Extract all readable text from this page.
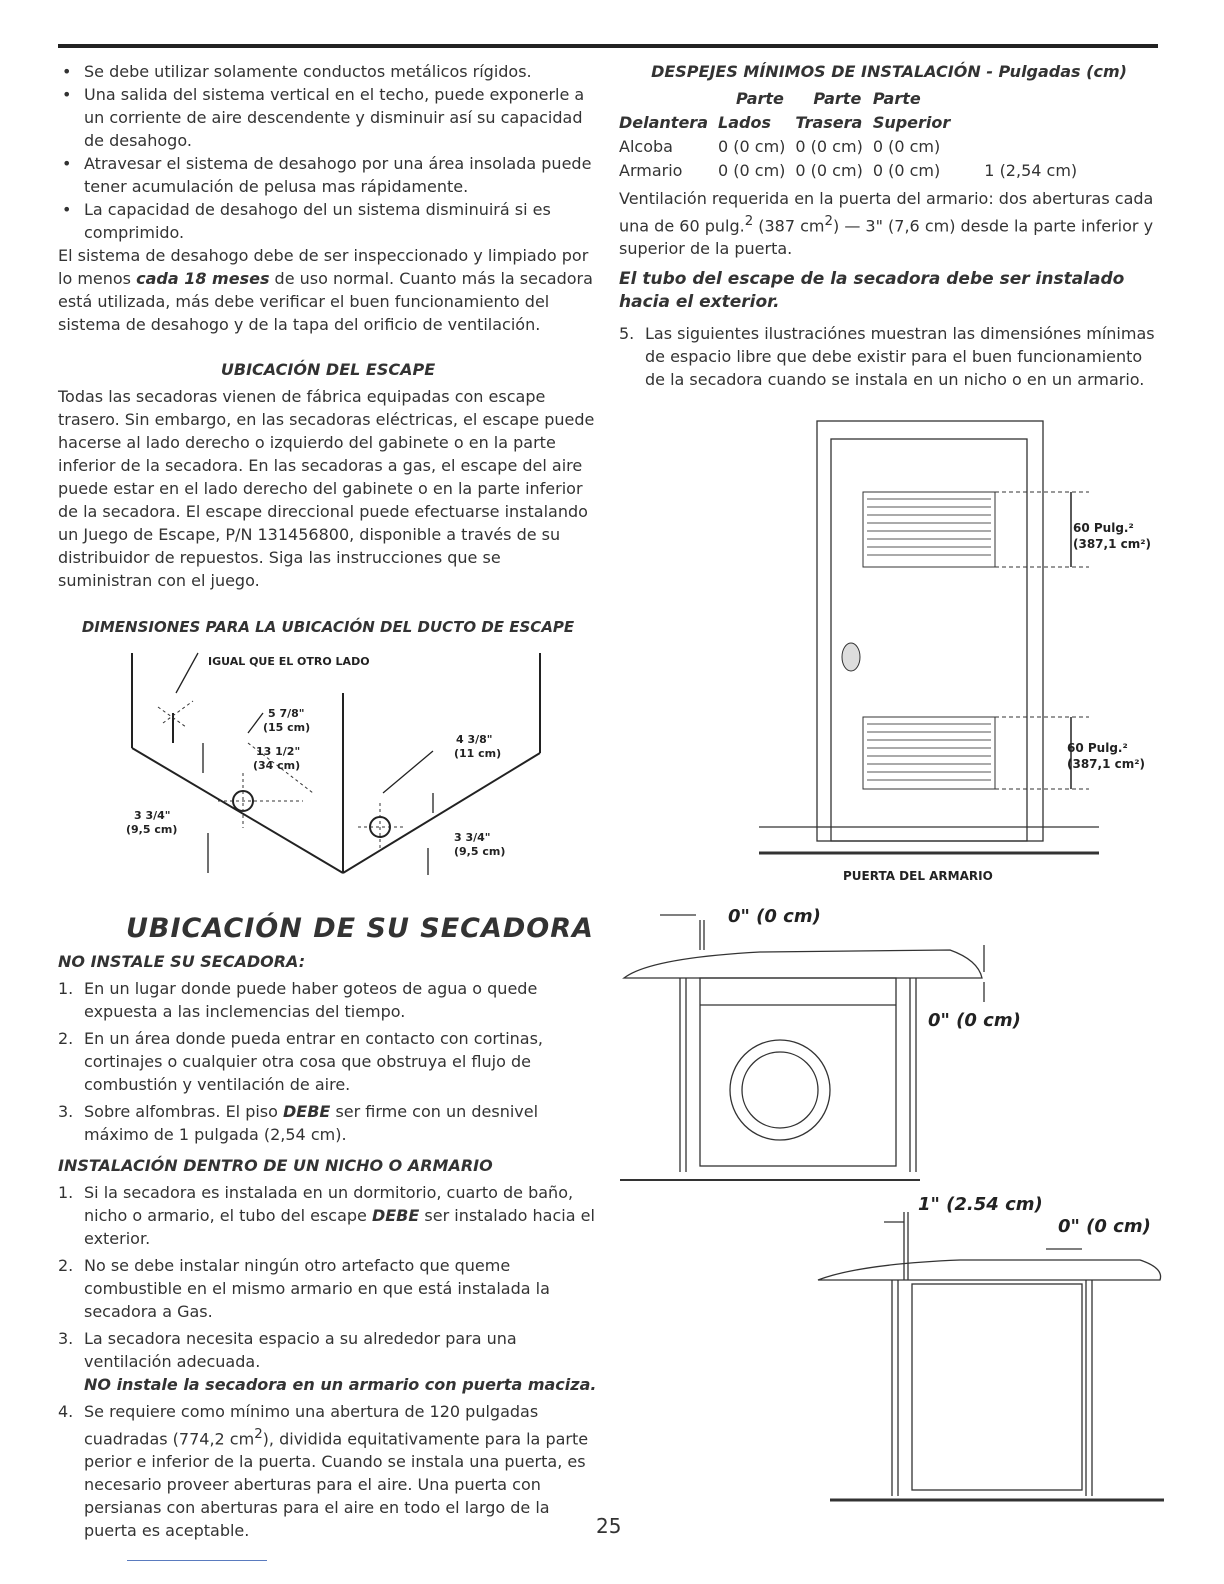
• Se debe utilizar solamente conductos metálicos rígidos.
• Una salida del sistema vertical en el techo, puede exponerle a un corriente de aire descendente y disminuir así su capacidad de desahogo.
• Atravesar el sistema de desahogo por una área insolada puede tener acumulación de pelusa mas rápidamente.
• La capacidad de desahogo del un sistema disminuirá si es comprimido.

El sistema de desahogo debe de ser inspeccionado y limpiado por lo menos cada 18 meses de uso normal. Cuanto más la secadora está utilizada, más debe verificar el buen funcionamiento del sistema de desahogo y de la tapa del orificio de ventilación.

UBICACIÓN DEL ESCAPE

Todas las secadoras vienen de fábrica equipadas con escape trasero. Sin embargo, en las secadoras eléctricas, el escape puede hacerse al lado derecho o izquierdo del gabinete o en la parte inferior de la secadora. En las secadoras a gas, el escape del aire puede estar en el lado derecho del gabinete o en la parte inferior de la secadora. El escape direccional puede efectuarse instalando un Juego de Escape, P/N 131456800, disponible a través de su distribuidor de repuestos. Siga las instrucciones que se suministran con el juego.

DIMENSIONES PARA LA UBICACIÓN DEL DUCTO DE ESCAPE
IGUAL QUE EL OTRO LADO
5 7/8"
(15 cm)
13 1/2"
(34 cm)
4 3/8"
(11 cm)
3 3/4"
(9,5 cm)
3 3/4"
(9,5 cm)
UBICACIÓN DE SU SECADORA
NO INSTALE SU SECADORA:
1. En un lugar donde puede haber goteos de agua o quede expuesta a las inclemencias del tiempo.
2. En un área donde pueda entrar en contacto con cortinas, cortinajes o cualquier otra cosa que obstruya el flujo de combustión y ventilación de aire.
3. Sobre alfombras. El piso DEBE ser firme con un desnivel máximo de 1 pulgada (2,54 cm).
INSTALACIÓN DENTRO DE UN NICHO O ARMARIO
1. Si la secadora es instalada en un dormitorio, cuarto de baño, nicho o armario, el tubo del escape DEBE ser instalado hacia el exterior.
2. No se debe instalar ningún otro artefacto que queme combustible en el mismo armario en que está instalada la secadora a Gas.
3. La secadora necesita espacio a su alrededor para una ventilación adecuada.
NO instale la secadora en un armario con puerta maciza.
4. Se requiere como mínimo una abertura de 120 pulgadas cuadradas (774,2 $cm^2$), dividida equitativamente para la parte perior e inferior de la puerta. Cuando se instala una puerta, es necesario proveer aberturas para el aire. Una puerta con persianas con aberturas para el aire en todo el largo de la puerta es aceptable.
DESPEJES MÍNIMOS DE INSTALACIÓN - Pulgadas (cm)
	Parte	Parte	Parte	
Delantera	Lados	Trasera	Superior	
Alcoba	0 (0 cm)	0 (0 cm)	0 (0 cm)	
Armario	0 (0 cm)	0 (0 cm)	0 (0 cm)	1 (2,54 cm)

Ventilación requerida en la puerta del armario: dos aberturas cada una de 60 pulg.$^2$ (387 $cm^2$) — 3" (7,6 cm) desde la parte inferior y superior de la puerta.

El tubo del escape de la secadora debe ser instalado hacia el exterior.

5. Las siguientes ilustraciónes muestran las dimensiónes mínimas de espacio libre que debe existir para el buen funcionamiento de la secadora cuando se instala en un nicho o en un armario.
60 Pulg.²
(387,1 cm²)
60 Pulg.²
(387,1 cm²)
PUERTA DEL ARMARIO
0" (0 cm)
0" (0 cm)
1" (2.54 cm)
0" (0 cm)
25
